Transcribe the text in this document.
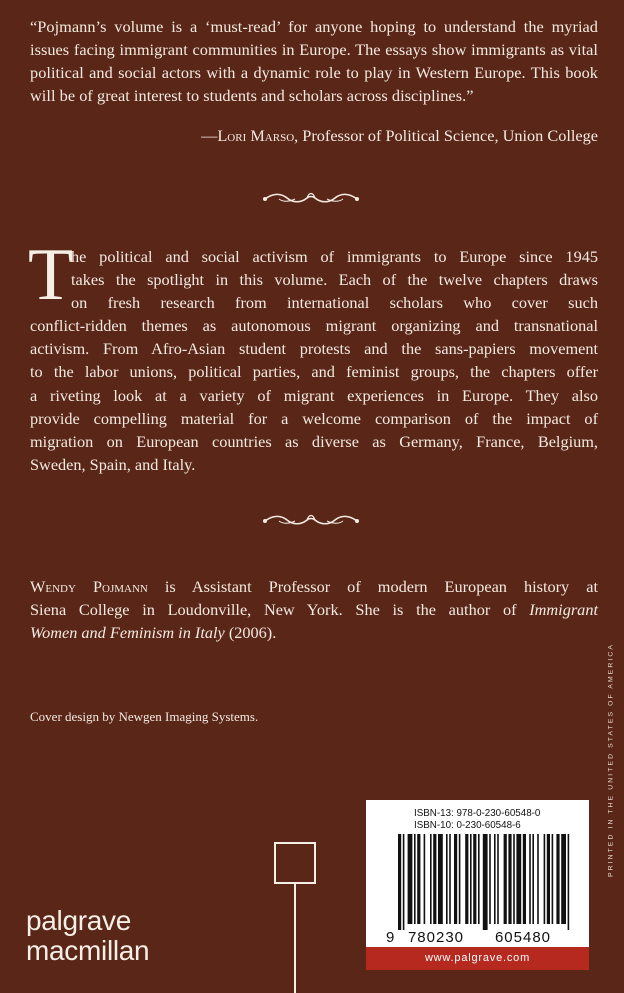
“Pojmann’s volume is a ‘must-read’ for anyone hoping to understand the myriad issues facing immigrant communities in Europe. The essays show immigrants as vital political and social actors with a dynamic role to play in Western Europe. This book will be of great interest to students and scholars across disciplines.”
—Lori Marso, Professor of Political Science, Union College
T
he political and social activism of immigrants to Europe since 1945
takes the spotlight in this volume. Each of the twelve chapters draws
on fresh research from international scholars who cover such
conflict-ridden themes as autonomous migrant organizing and transnational
activism. From Afro-Asian student protests and the sans-papiers movement
to the labor unions, political parties, and feminist groups, the chapters offer
a riveting look at a variety of migrant experiences in Europe. They also
provide compelling material for a welcome comparison of the impact of
migration on European countries as diverse as Germany, France, Belgium,
Sweden, Spain, and Italy.
Wendy Pojmann is Assistant Professor of modern European history at
Siena College in Loudonville, New York. She is the author of Immigrant
Women and Feminism in Italy (2006).
Cover design by Newgen Imaging Systems.	PRINTED IN THE UNITED STATES OF AMERICA
ISBN-13: 978-0-230-60548-0
ISBN-10: 0-230-60548-6
9 780230 605480
www.palgrave.com
palgrave
macmillan
